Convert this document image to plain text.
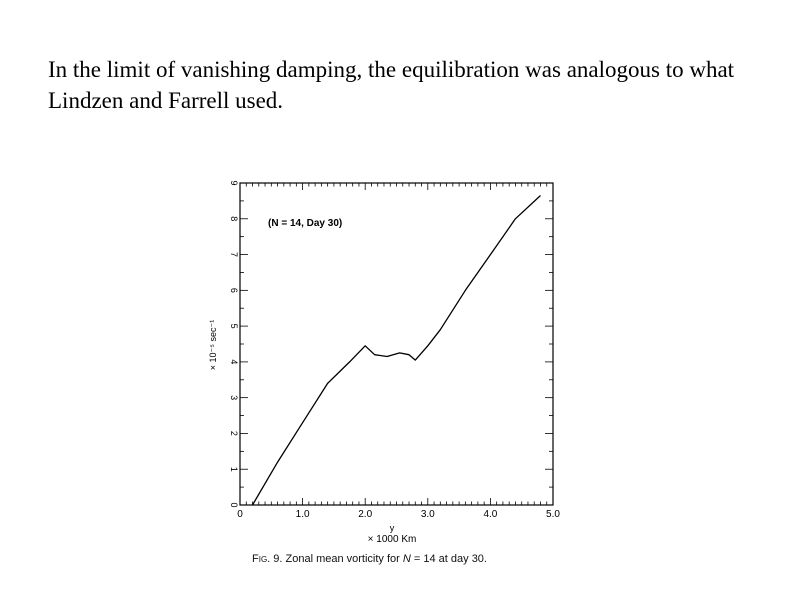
In the limit of vanishing damping, the equilibration was analogous to what Lindzen and Farrell used.
0	1.0	2.0	3.0	4.0	5.0
0
1
2
3
4
5
6
7
8
9
(N = 14, Day 30)
y
× 1000 Km
× 10⁻⁵ sec⁻¹
Fig. 9. Zonal mean vorticity for N = 14 at day 30.
